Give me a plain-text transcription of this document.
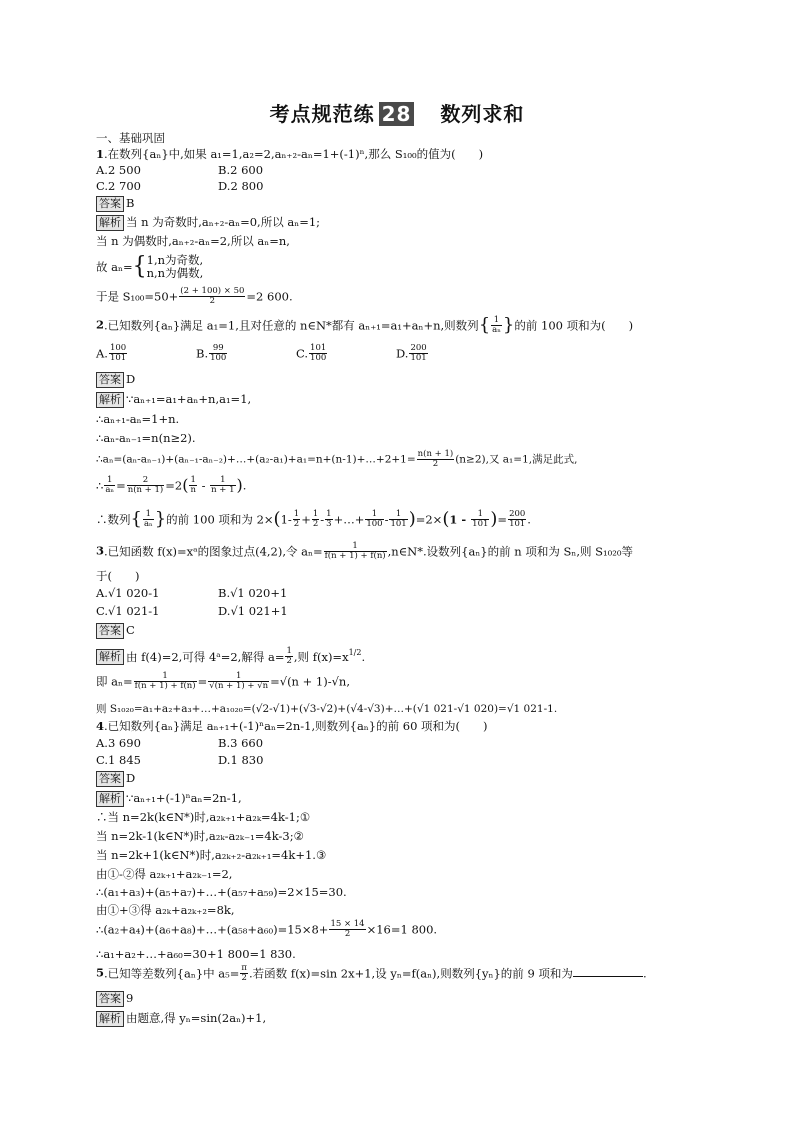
考点规范练 28 数列求和
一、基础巩固
1.在数列{aₙ}中,如果 a₁=1,a₂=2,aₙ₊₂-aₙ=1+(-1)ⁿ,那么 S₁₀₀的值为(　　)
A.2 500	B.2 600
C.2 700	D.2 800
答案 B
解析 当 n 为奇数时,aₙ₊₂-aₙ=0,所以 aₙ=1;
当 n 为偶数时,aₙ₊₂-aₙ=2,所以 aₙ=n,
故 aₙ={ 1,n为奇数,
n,n为偶数,
于是 $S_{100}=50+ \frac{(2 + 100) \times 50}{2} =2$ 600.
2.已知数列{aₙ}满足 a₁=1,且对任意的 n∈N*都有 aₙ₊₁=a₁+aₙ+n,则数列{ $\frac{1}{\text{aₙ}}$ }的前 100 项和为(　　)
A. $\frac{100}{101}$	B. $\frac{99}{100}$	C. $\frac{101}{100}$	D. $\frac{200}{101}$
答案 D
解析 ∵aₙ₊₁=a₁+aₙ+n,a₁=1,
∴aₙ₊₁-aₙ=1+n.
∴aₙ-aₙ₋₁=n(n≥2).
∴aₙ=(aₙ-aₙ₋₁)+(aₙ₋₁-aₙ₋₂)+…+(a₂-a₁)+a₁=n+(n-1)+…+2+1= $\frac{n(n + 1)}{2} (n\ge 2)$,又 a₁=1,满足此式,
∴ $\frac{1}{\text{aₙ}} = \frac{2}{n(n + 1)} =2( \frac{1}{n} - \frac{1}{n + 1}$ ).
∴数列{ $\frac{1}{\text{aₙ}}$ }的前 100 项和为 $2\times(1- \frac{1}{2} + \frac{1}{2} - \frac{1}{3}$ +…+ $\frac{1}{100} - \frac{1}{101} )=2\times(1 - \frac{1}{101}$ )= $\frac{200}{101}$ .
3.已知函数 f(x)=xᵃ的图象过点(4,2),令 $a_n= \frac{1}{f(n + 1) + f(n)}$ ,n∈N*.设数列{aₙ}的前 n 项和为 Sₙ,则 S₁₀₂₀等
于(　　)
A.√1 020-1	B.√1 020+1
C.√1 021-1	D.√1 021+1
答案 C
解析 由 f(4)=2,可得 4ᵃ=2,解得 $a= \frac{1}{2}$ ,则 $f(x)=x^{1/2}$.
即 $a_n= \frac{1}{f(n + 1) + f(n)} = \frac{1}{√(n + 1) + √n} =√(n + 1)-√n$,
则 S₁₀₂₀=a₁+a₂+a₃+…+a₁₀₂₀=(√2-√1)+(√3-√2)+(√4-√3)+…+(√1 021-√1 020)=√1 021-1.
4.已知数列{aₙ}满足 aₙ₊₁+(-1)ⁿaₙ=2n-1,则数列{aₙ}的前 60 项和为(　　)
A.3 690	B.3 660
C.1 845	D.1 830
答案 D
解析 ∵aₙ₊₁+(-1)ⁿaₙ=2n-1,
∴当 n=2k(k∈N*)时,a₂ₖ₊₁+a₂ₖ=4k-1;①
当 n=2k-1(k∈N*)时,a₂ₖ-a₂ₖ₋₁=4k-3;②
当 n=2k+1(k∈N*)时,a₂ₖ₊₂-a₂ₖ₊₁=4k+1.③
由①-②得 a₂ₖ₊₁+a₂ₖ₋₁=2,
∴(a₁+a₃)+(a₅+a₇)+…+(a₅₇+a₅₉)=2×15=30.
由①+③得 a₂ₖ+a₂ₖ₊₂=8k,
∴(a₂+a₄)+(a₆+a₈)+…+(a₅₈+a₆₀)=15×8+ $\frac{15 \times 14}{2} \times 16=1$ 800.
∴a₁+a₂+…+a₆₀=30+1 800=1 830.
5.已知等差数列{aₙ}中 $a_5= \frac{\pi}{2}$ .若函数 f(x)=sin 2x+1,设 yₙ=f(aₙ),则数列{yₙ}的前 9 项和为	.
答案 9
解析 由题意,得 yₙ=sin(2aₙ)+1,
